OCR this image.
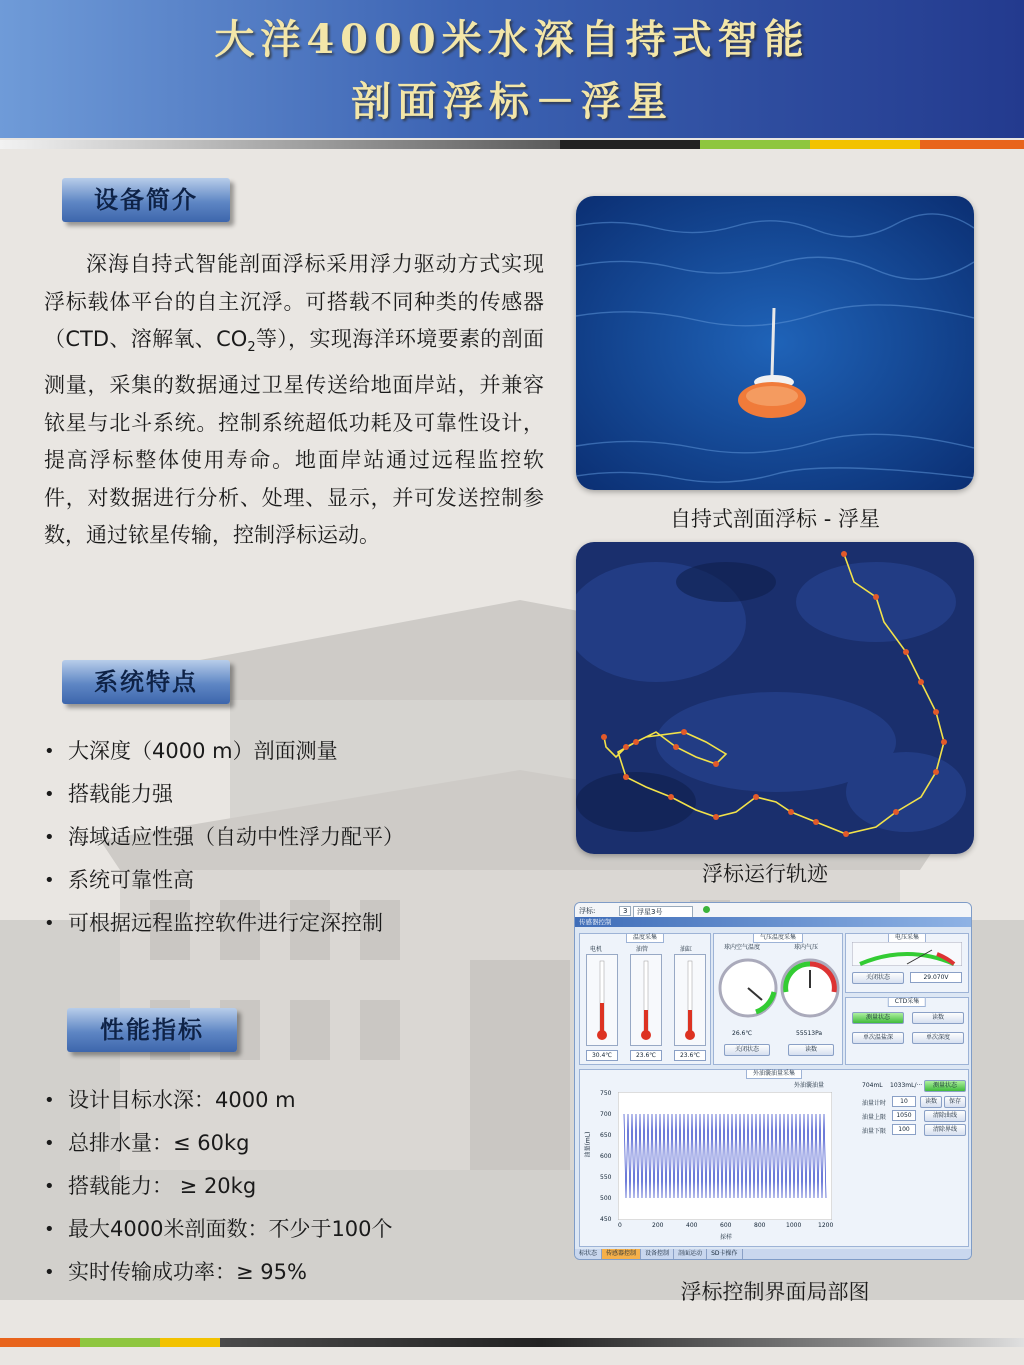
大洋4000米水深自持式智能
剖面浮标－浮星
设备简介

深海自持式智能剖面浮标采用浮力驱动方式实现浮标载体平台的自主沉浮。可搭载不同种类的传感器（CTD、溶解氧、$CO_2$等），实现海洋环境要素的剖面测量，采集的数据通过卫星传送给地面岸站，并兼容铱星与北斗系统。控制系统超低功耗及可靠性设计，提高浮标整体使用寿命。地面岸站通过远程监控软件，对数据进行分析、处理、显示，并可发送控制参数，通过铱星传输，控制浮标运动。

系统特点
• 大深度（4000 m）剖面测量
• 搭载能力强
• 海域适应性强（自动中性浮力配平）
• 系统可靠性高
• 可根据远程监控软件进行定深控制
性能指标
• 设计目标水深：4000 m
• 总排水量：≤ 60kg
• 搭载能力： ≥ 20kg
• 最大4000米剖面数：不少于100个
• 实时传输成功率：≥ 95%
自持式剖面浮标 - 浮星
浮标运行轨迹
浮标:	3	浮星3号
传感器控制
温度采集
电机	油管	油缸
30.4℃	23.6℃	23.6℃
气压温度采集
球内空气温度	球内气压
26.6℃	55513Pa
关闭状态	读数
电压采集
关闭状态	29.070V
CTD采集
测量状态	读数
单次温盐深	单次深度
外油囊油量采集
外油囊油量
油量(mL)
750
700
650
600
550
500
450
0	200	400	600	800	1000	1200
採样
704mL 1033mL/···	测量状态
油量计时	10	读数	保存
油量上限	1050	清除曲线
油量下限	100	清除界线
标状态	传感器控制	设备控制	剖面运动	SD卡操作
浮标控制界面局部图
